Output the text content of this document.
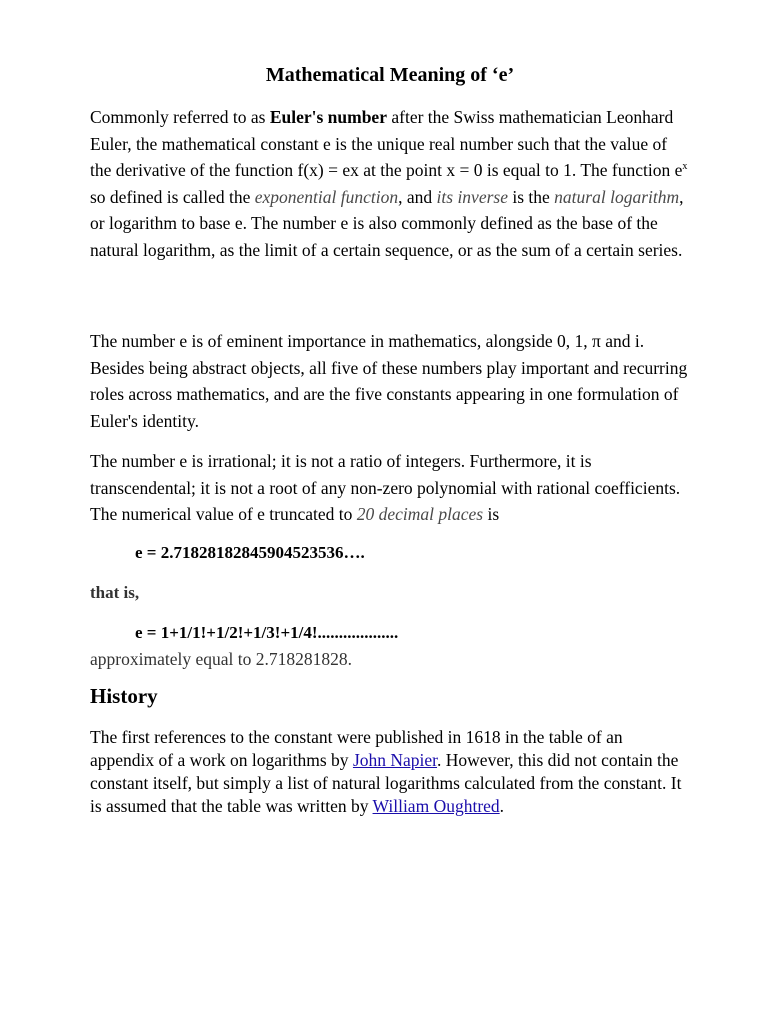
Mathematical Meaning of ‘e’

Commonly referred to as Euler's number after the Swiss mathematician Leonhard Euler, the mathematical constant e is the unique real number such that the value of the derivative of the function f(x) = ex at the point x = 0 is equal to 1. The function $e^x$ so defined is called the exponential function, and its inverse is the natural logarithm, or logarithm to base e. The number e is also commonly defined as the base of the natural logarithm, as the limit of a certain sequence, or as the sum of a certain series.

The number e is of eminent importance in mathematics, alongside 0, 1, π and i. Besides being abstract objects, all five of these numbers play important and recurring roles across mathematics, and are the five constants appearing in one formulation of Euler's identity.

The number e is irrational; it is not a ratio of integers. Furthermore, it is transcendental; it is not a root of any non-zero polynomial with rational coefficients. The numerical value of e truncated to 20 decimal places is

e = 2.71828182845904523536….

that is,

e = 1+1/1!+1/2!+1/3!+1/4!...................

approximately equal to 2.718281828.

History

The first references to the constant were published in 1618 in the table of an appendix of a work on logarithms by John Napier. However, this did not contain the constant itself, but simply a list of natural logarithms calculated from the constant. It is assumed that the table was written by William Oughtred.
